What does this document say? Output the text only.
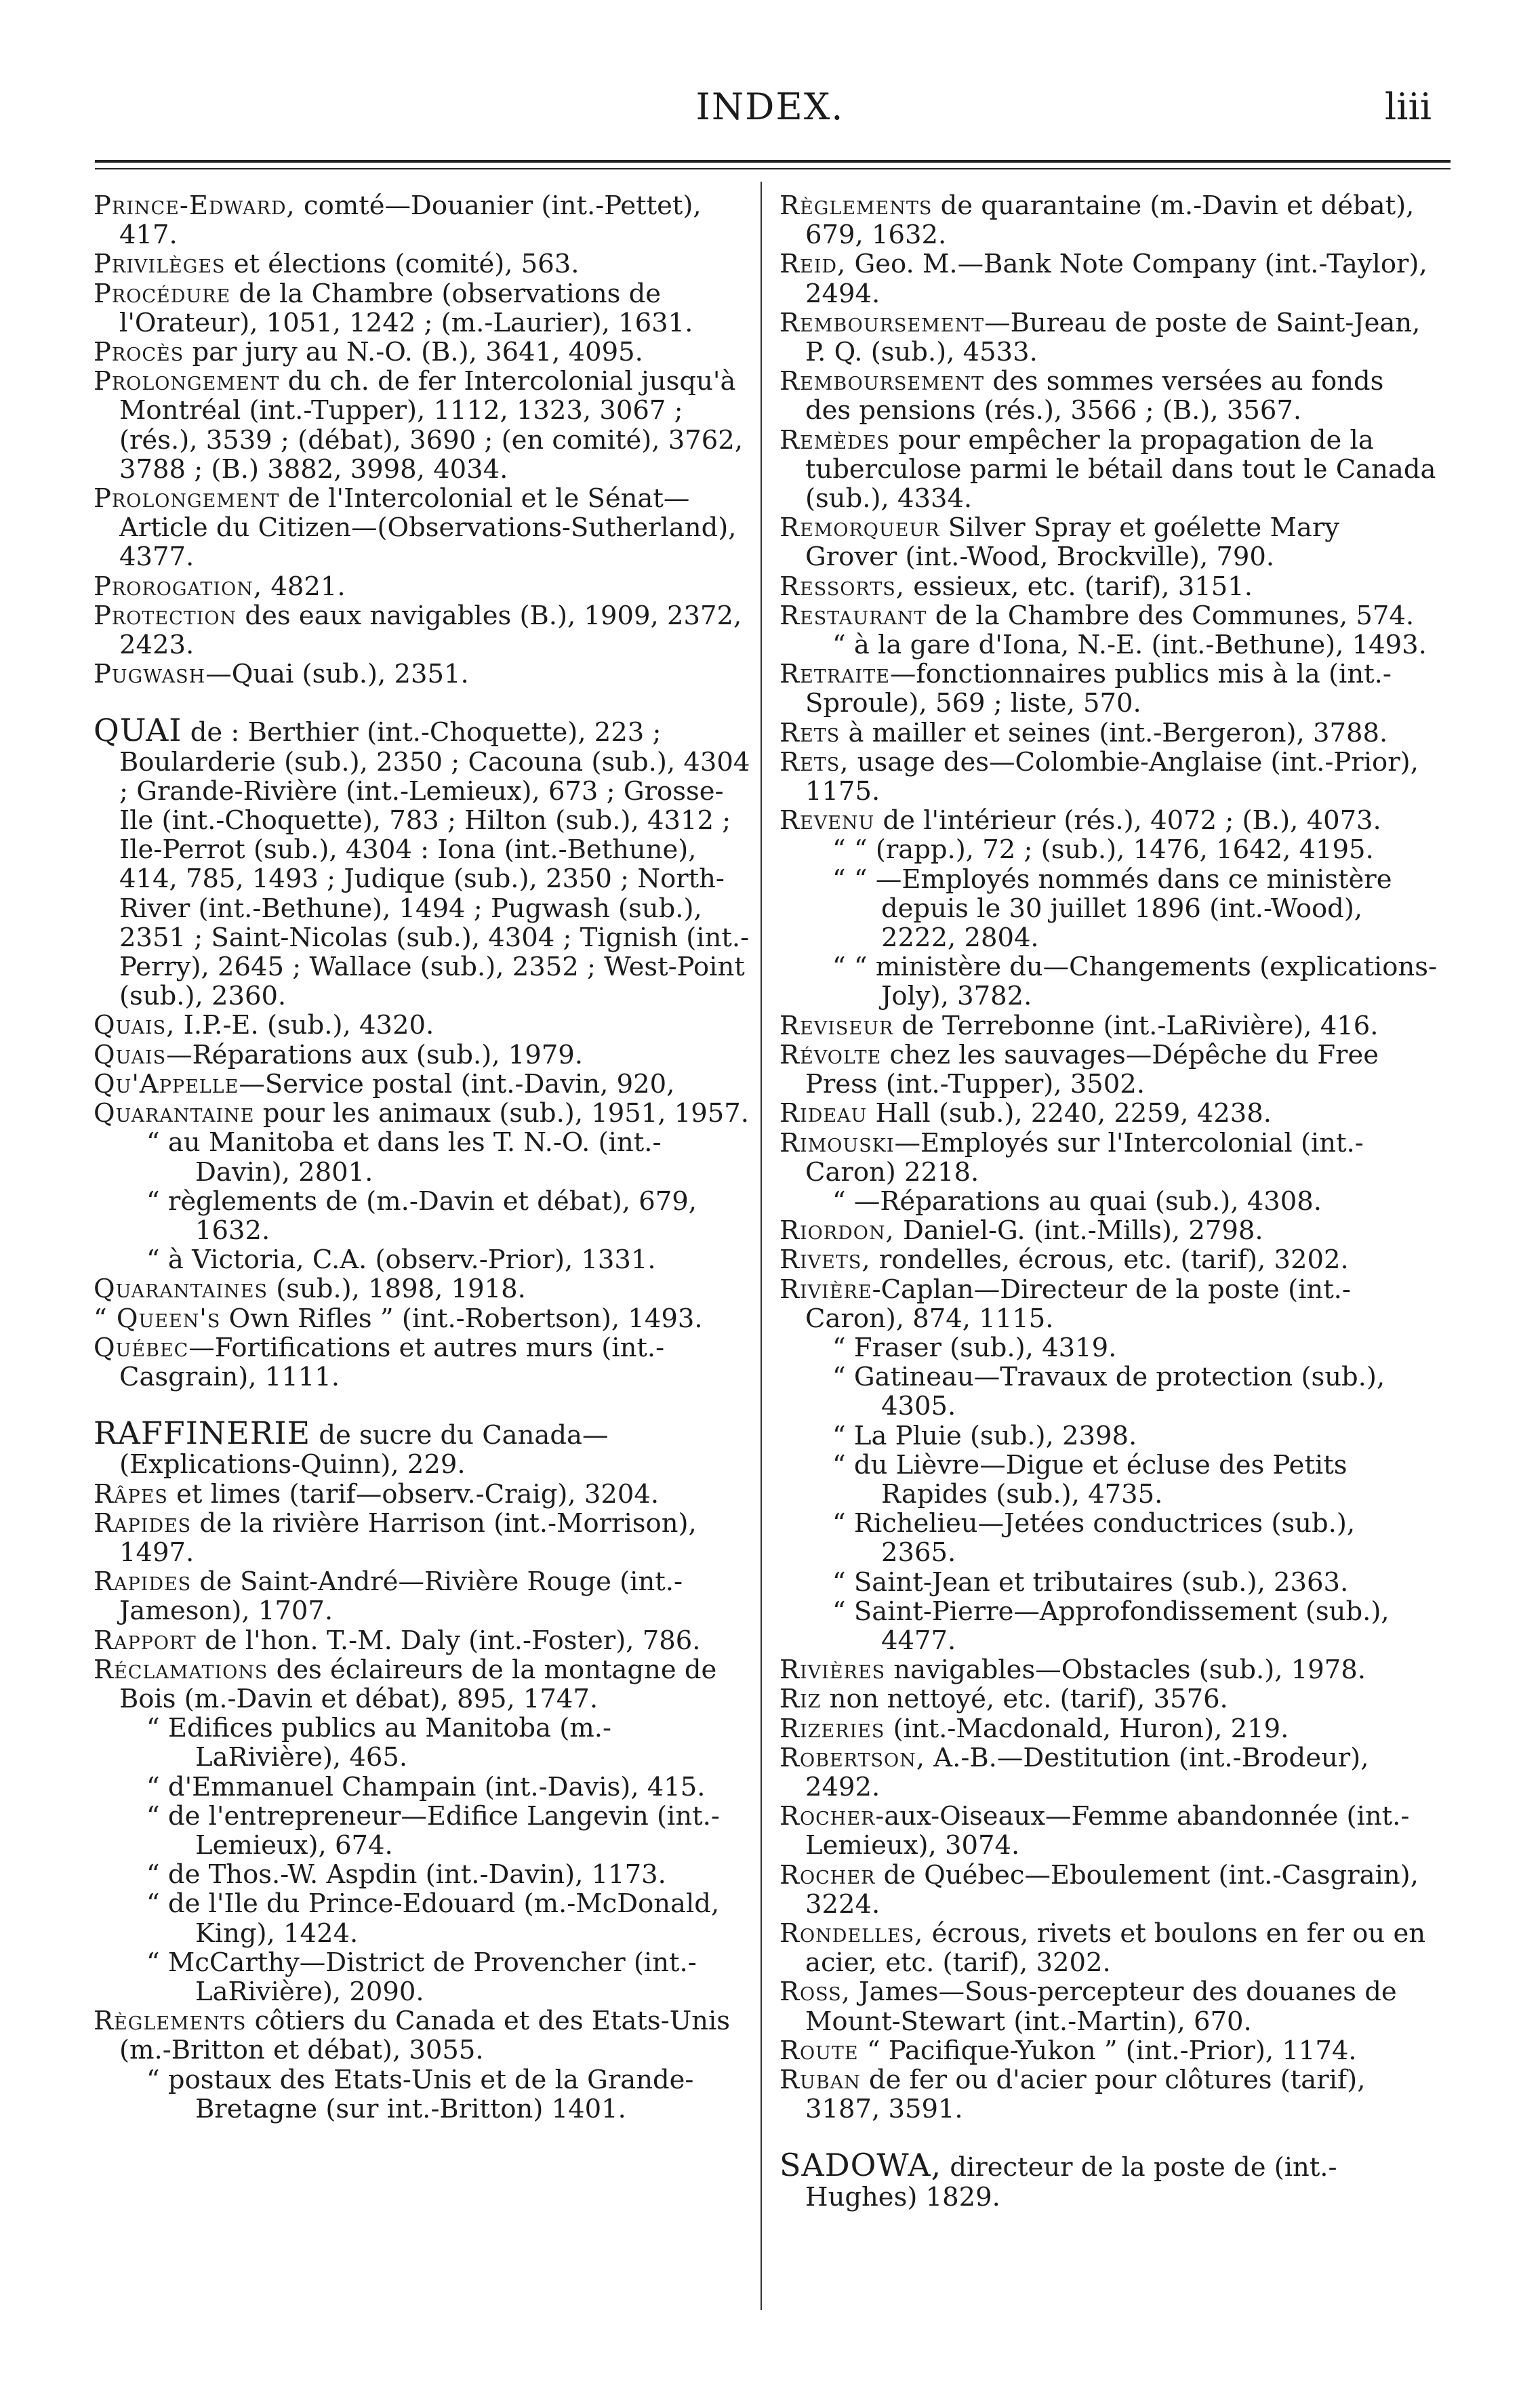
INDEX.	liii

Prince-Edward, comté—Douanier (int.-Pettet), 417.

Privilèges et élections (comité), 563.

Procédure de la Chambre (observations de l'Orateur), 1051, 1242 ; (m.-Laurier), 1631.

Procès par jury au N.-O. (B.), 3641, 4095.

Prolongement du ch. de fer Intercolonial jusqu'à Montréal (int.-Tupper), 1112, 1323, 3067 ; (rés.), 3539 ; (débat), 3690 ; (en comité), 3762, 3788 ; (B.) 3882, 3998, 4034.

Prolongement de l'Intercolonial et le Sénat—Article du Citizen—(Observations-Sutherland), 4377.

Prorogation, 4821.

Protection des eaux navigables (B.), 1909, 2372, 2423.

Pugwash—Quai (sub.), 2351.

QUAI de : Berthier (int.-Choquette), 223 ; Boularderie (sub.), 2350 ; Cacouna (sub.), 4304 ; Grande-Rivière (int.-Lemieux), 673 ; Grosse-Ile (int.-Choquette), 783 ; Hilton (sub.), 4312 ; Ile-Perrot (sub.), 4304 : Iona (int.-Bethune), 414, 785, 1493 ; Judique (sub.), 2350 ; North-River (int.-Bethune), 1494 ; Pugwash (sub.), 2351 ; Saint-Nicolas (sub.), 4304 ; Tignish (int.-Perry), 2645 ; Wallace (sub.), 2352 ; West-Point (sub.), 2360.

Quais, I.P.-E. (sub.), 4320.

Quais—Réparations aux (sub.), 1979.

Qu'Appelle—Service postal (int.-Davin, 920,

Quarantaine pour les animaux (sub.), 1951, 1957.

“ au Manitoba et dans les T. N.-O. (int.-Davin), 2801.

“ règlements de (m.-Davin et débat), 679, 1632.

“ à Victoria, C.A. (observ.-Prior), 1331.

Quarantaines (sub.), 1898, 1918.

“ Queen's Own Rifles ” (int.-Robertson), 1493.

Québec—Fortifications et autres murs (int.-Casgrain), 1111.

RAFFINERIE de sucre du Canada—(Explications-Quinn), 229.

Râpes et limes (tarif—observ.-Craig), 3204.

Rapides de la rivière Harrison (int.-Morrison), 1497.

Rapides de Saint-André—Rivière Rouge (int.-Jameson), 1707.

Rapport de l'hon. T.-M. Daly (int.-Foster), 786.

Réclamations des éclaireurs de la montagne de Bois (m.-Davin et débat), 895, 1747.

“ Edifices publics au Manitoba (m.-LaRivière), 465.

“ d'Emmanuel Champain (int.-Davis), 415.

“ de l'entrepreneur—Edifice Langevin (int.-Lemieux), 674.

“ de Thos.-W. Aspdin (int.-Davin), 1173.

“ de l'Ile du Prince-Edouard (m.-McDonald, King), 1424.

“ McCarthy—District de Provencher (int.-LaRivière), 2090.

Règlements côtiers du Canada et des Etats-Unis (m.-Britton et débat), 3055.

“ postaux des Etats-Unis et de la Grande-Bretagne (sur int.-Britton) 1401.

Règlements de quarantaine (m.-Davin et débat), 679, 1632.

Reid, Geo. M.—Bank Note Company (int.-Taylor), 2494.

Remboursement—Bureau de poste de Saint-Jean, P. Q. (sub.), 4533.

Remboursement des sommes versées au fonds des pensions (rés.), 3566 ; (B.), 3567.

Remèdes pour empêcher la propagation de la tuberculose parmi le bétail dans tout le Canada (sub.), 4334.

Remorqueur Silver Spray et goélette Mary Grover (int.-Wood, Brockville), 790.

Ressorts, essieux, etc. (tarif), 3151.

Restaurant de la Chambre des Communes, 574.

“ à la gare d'Iona, N.-E. (int.-Bethune), 1493.

Retraite—fonctionnaires publics mis à la (int.-Sproule), 569 ; liste, 570.

Rets à mailler et seines (int.-Bergeron), 3788.

Rets, usage des—Colombie-Anglaise (int.-Prior), 1175.

Revenu de l'intérieur (rés.), 4072 ; (B.), 4073.

“ “ (rapp.), 72 ; (sub.), 1476, 1642, 4195.

“ “ —Employés nommés dans ce ministère depuis le 30 juillet 1896 (int.-Wood), 2222, 2804.

“ “ ministère du—Changements (explications-Joly), 3782.

Reviseur de Terrebonne (int.-LaRivière), 416.

Révolte chez les sauvages—Dépêche du Free Press (int.-Tupper), 3502.

Rideau Hall (sub.), 2240, 2259, 4238.

Rimouski—Employés sur l'Intercolonial (int.-Caron) 2218.

“ —Réparations au quai (sub.), 4308.

Riordon, Daniel-G. (int.-Mills), 2798.

Rivets, rondelles, écrous, etc. (tarif), 3202.

Rivière-Caplan—Directeur de la poste (int.-Caron), 874, 1115.

“ Fraser (sub.), 4319.

“ Gatineau—Travaux de protection (sub.), 4305.

“ La Pluie (sub.), 2398.

“ du Lièvre—Digue et écluse des Petits Rapides (sub.), 4735.

“ Richelieu—Jetées conductrices (sub.), 2365.

“ Saint-Jean et tributaires (sub.), 2363.

“ Saint-Pierre—Approfondissement (sub.), 4477.

Rivières navigables—Obstacles (sub.), 1978.

Riz non nettoyé, etc. (tarif), 3576.

Rizeries (int.-Macdonald, Huron), 219.

Robertson, A.-B.—Destitution (int.-Brodeur), 2492.

Rocher-aux-Oiseaux—Femme abandonnée (int.-Lemieux), 3074.

Rocher de Québec—Eboulement (int.-Casgrain), 3224.

Rondelles, écrous, rivets et boulons en fer ou en acier, etc. (tarif), 3202.

Ross, James—Sous-percepteur des douanes de Mount-Stewart (int.-Martin), 670.

Route “ Pacifique-Yukon ” (int.-Prior), 1174.

Ruban de fer ou d'acier pour clôtures (tarif), 3187, 3591.

SADOWA, directeur de la poste de (int.-Hughes) 1829.
